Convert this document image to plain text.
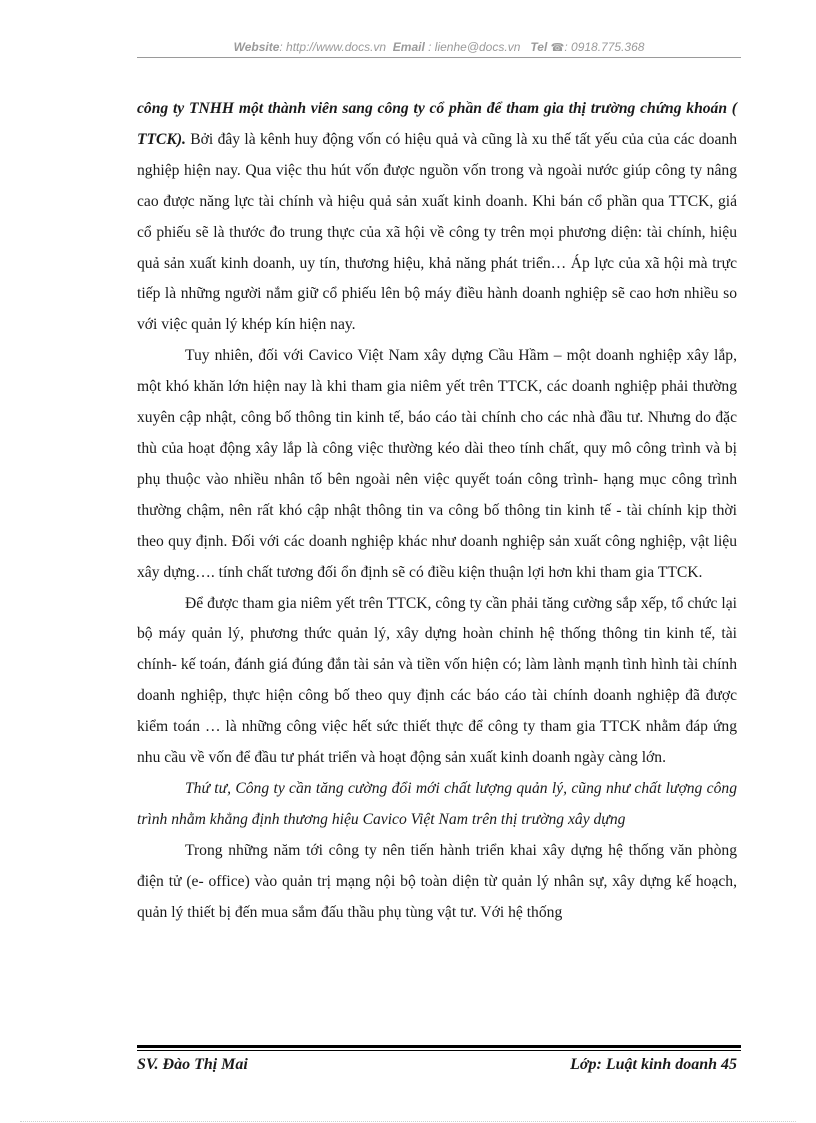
Website: http://www.docs.vn Email : lienhe@docs.vn Tel ☎: 0918.775.368

công ty TNHH một thành viên sang công ty cổ phần để tham gia thị trường chứng khoán ( TTCK). Bởi đây là kênh huy động vốn có hiệu quả và cũng là xu thế tất yếu của của các doanh nghiệp hiện nay. Qua việc thu hút vốn được nguồn vốn trong và ngoài nước giúp công ty nâng cao được năng lực tài chính và hiệu quả sản xuất kinh doanh. Khi bán cổ phần qua TTCK, giá cổ phiếu sẽ là thước đo trung thực của xã hội về công ty trên mọi phương diện: tài chính, hiệu quả sản xuất kinh doanh, uy tín, thương hiệu, khả năng phát triển… Áp lực của xã hội mà trực tiếp là những người nắm giữ cổ phiếu lên bộ máy điều hành doanh nghiệp sẽ cao hơn nhiều so với việc quản lý khép kín hiện nay.

Tuy nhiên, đối với Cavico Việt Nam xây dựng Cầu Hầm – một doanh nghiệp xây lắp, một khó khăn lớn hiện nay là khi tham gia niêm yết trên TTCK, các doanh nghiệp phải thường xuyên cập nhật, công bố thông tin kinh tế, báo cáo tài chính cho các nhà đầu tư. Nhưng do đặc thù của hoạt động xây lắp là công việc thường kéo dài theo tính chất, quy mô công trình và bị phụ thuộc vào nhiều nhân tố bên ngoài nên việc quyết toán công trình- hạng mục công trình thường chậm, nên rất khó cập nhật thông tin va công bố thông tin kinh tế - tài chính kịp thời theo quy định. Đối với các doanh nghiệp khác như doanh nghiệp sản xuất công nghiệp, vật liệu xây dựng…. tính chất tương đối ổn định sẽ có điều kiện thuận lợi hơn khi tham gia TTCK.

Để được tham gia niêm yết trên TTCK, công ty cần phải tăng cường sắp xếp, tổ chức lại bộ máy quản lý, phương thức quản lý, xây dựng hoàn chỉnh hệ thống thông tin kinh tế, tài chính- kế toán, đánh giá đúng đắn tài sản và tiền vốn hiện có; làm lành mạnh tình hình tài chính doanh nghiệp, thực hiện công bố theo quy định các báo cáo tài chính doanh nghiệp đã được kiểm toán … là những công việc hết sức thiết thực để công ty tham gia TTCK nhằm đáp ứng nhu cầu về vốn để đầu tư phát triển và hoạt động sản xuất kinh doanh ngày càng lớn.

Thứ tư, Công ty cần tăng cường đổi mới chất lượng quản lý, cũng như chất lượng công trình nhằm khẳng định thương hiệu Cavico Việt Nam trên thị trường xây dựng

Trong những năm tới công ty nên tiến hành triển khai xây dựng hệ thống văn phòng điện tử (e- office) vào quản trị mạng nội bộ toàn diện từ quản lý nhân sự, xây dựng kế hoạch, quản lý thiết bị đến mua sắm đấu thầu phụ tùng vật tư. Với hệ thống

SV. Đào Thị Mai	Lớp: Luật kinh doanh 45
